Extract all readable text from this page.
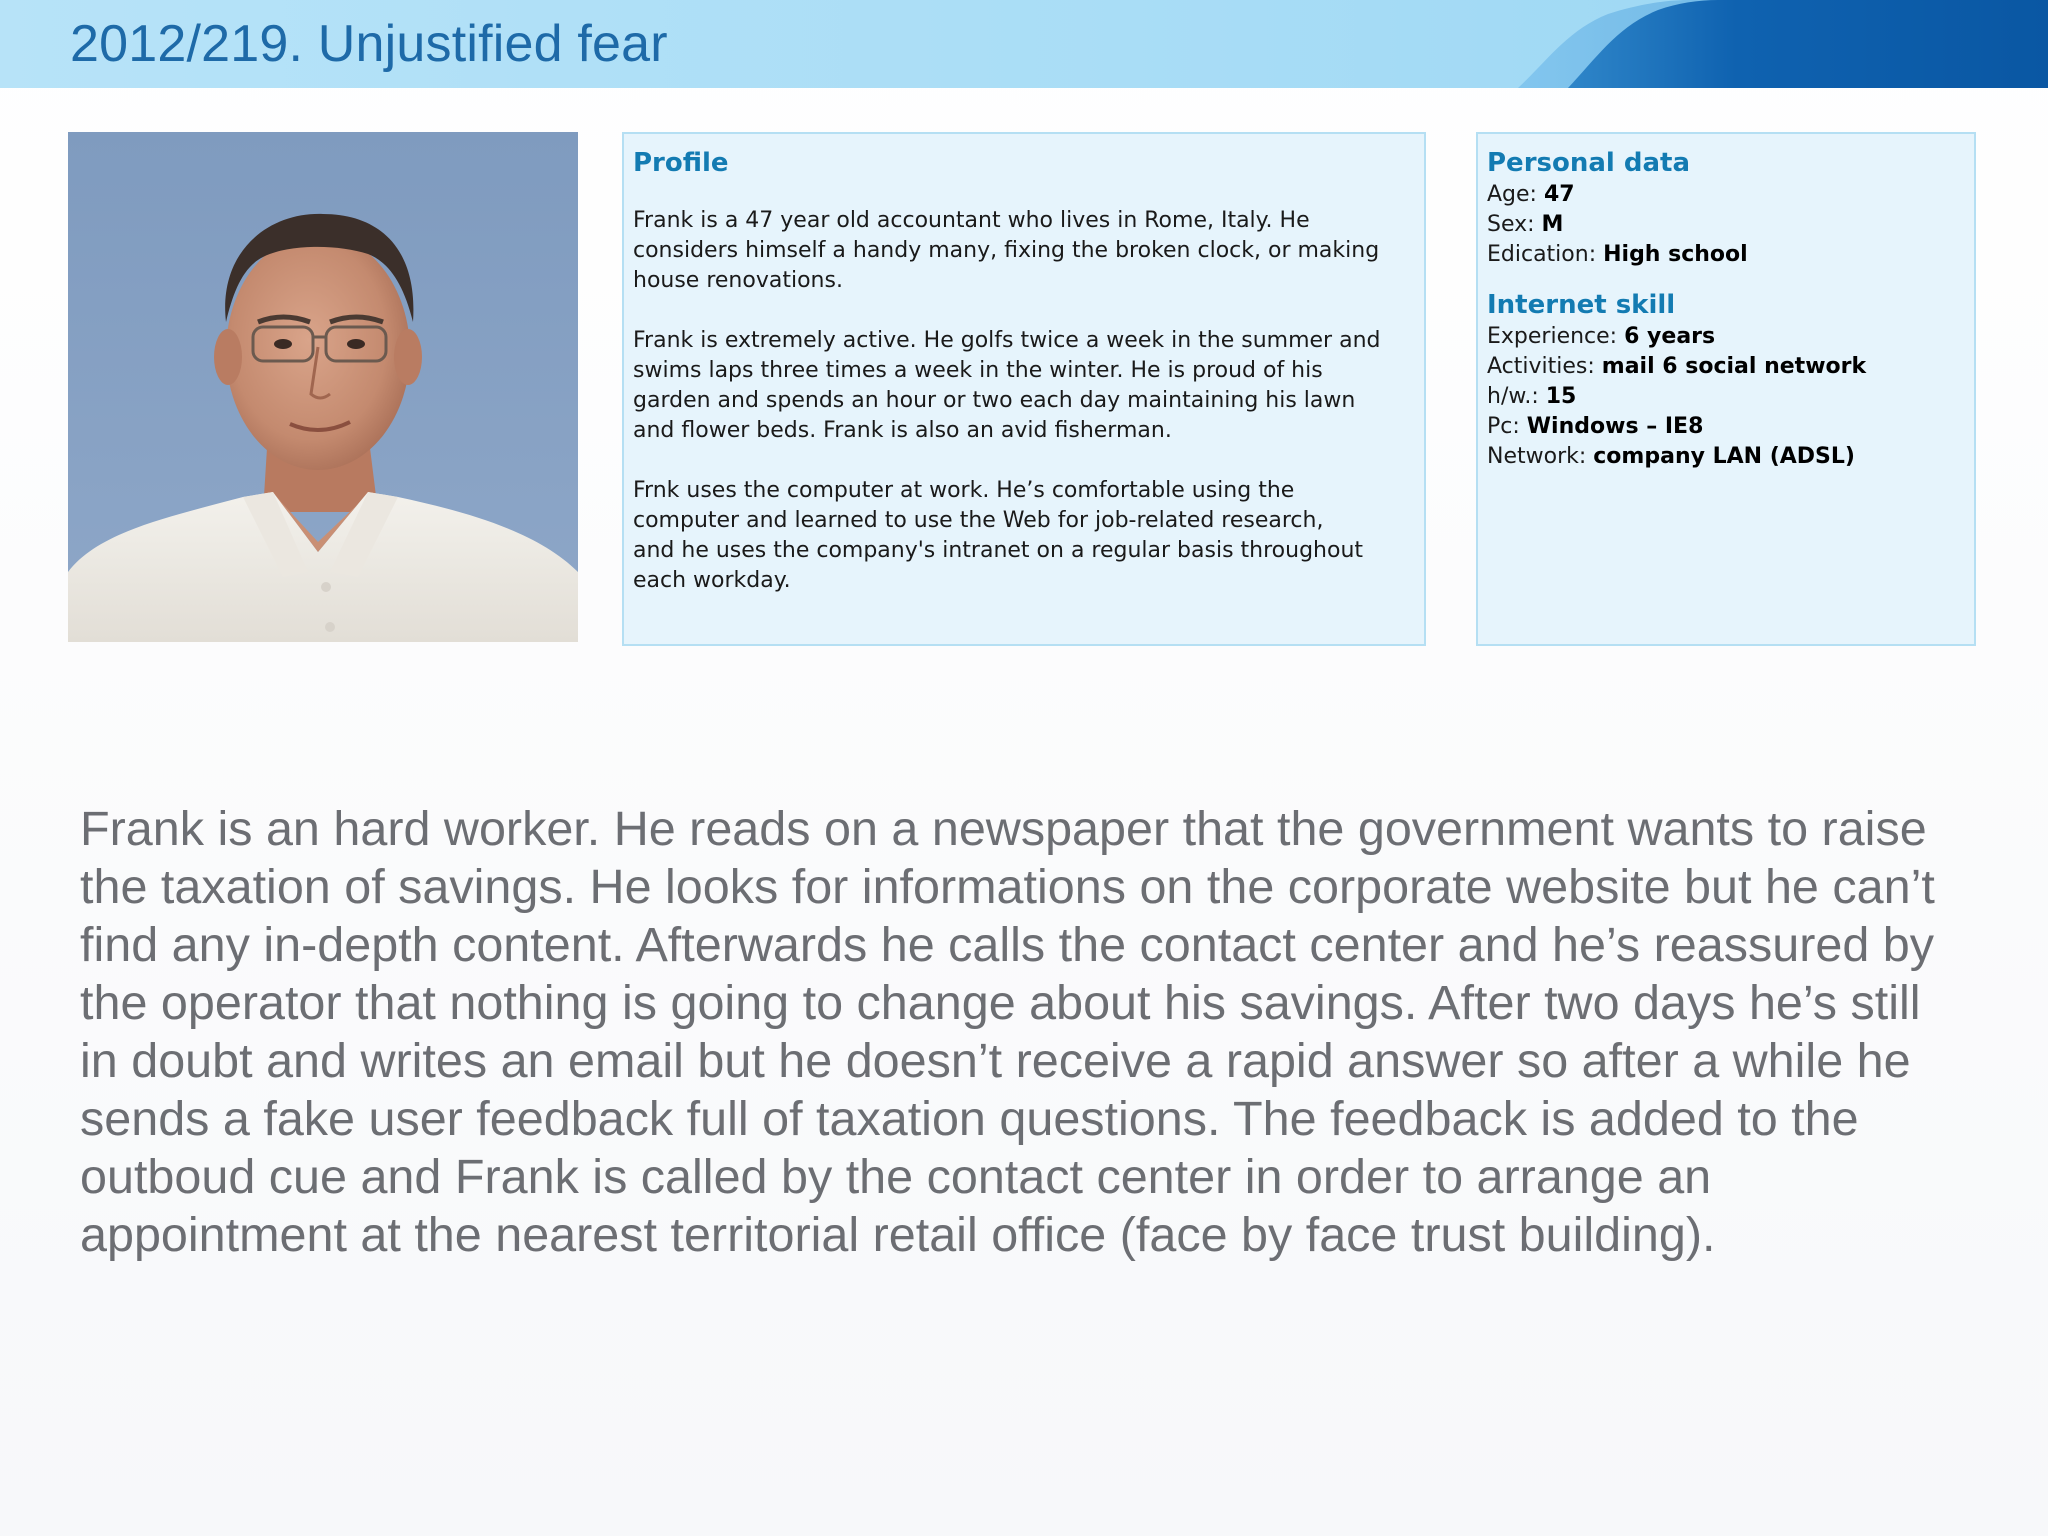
2012/219. Unjustified fear
Profile

Frank is a 47 year old accountant who lives in Rome, Italy. He
considers himself a handy many, fixing the broken clock, or making
house renovations.

Frank is extremely active. He golfs twice a week in the summer and
swims laps three times a week in the winter. He is proud of his
garden and spends an hour or two each day maintaining his lawn
and flower beds. Frank is also an avid fisherman.

Frnk uses the computer at work. He’s comfortable using the
computer and learned to use the Web for job-related research,
and he uses the company's intranet on a regular basis throughout
each workday.

Personal data
Age: 47
Sex: M
Edication: High school
Internet skill
Experience: 6 years
Activities: mail 6 social network
h/w.: 15
Pc: Windows – IE8
Network: company LAN (ADSL)

Frank is an hard worker. He reads on a newspaper that the government wants to raise

the taxation of savings. He looks for informations on the corporate website but he can’t

find any in-depth content. Afterwards he calls the contact center and he’s reassured by

the operator that nothing is going to change about his savings. After two days he’s still

in doubt and writes an email but he doesn’t receive a rapid answer so after a while he

sends a fake user feedback full of taxation questions. The feedback is added to the

outboud cue and Frank is called by the contact center in order to arrange an

appointment at the nearest territorial retail office (face by face trust building).
